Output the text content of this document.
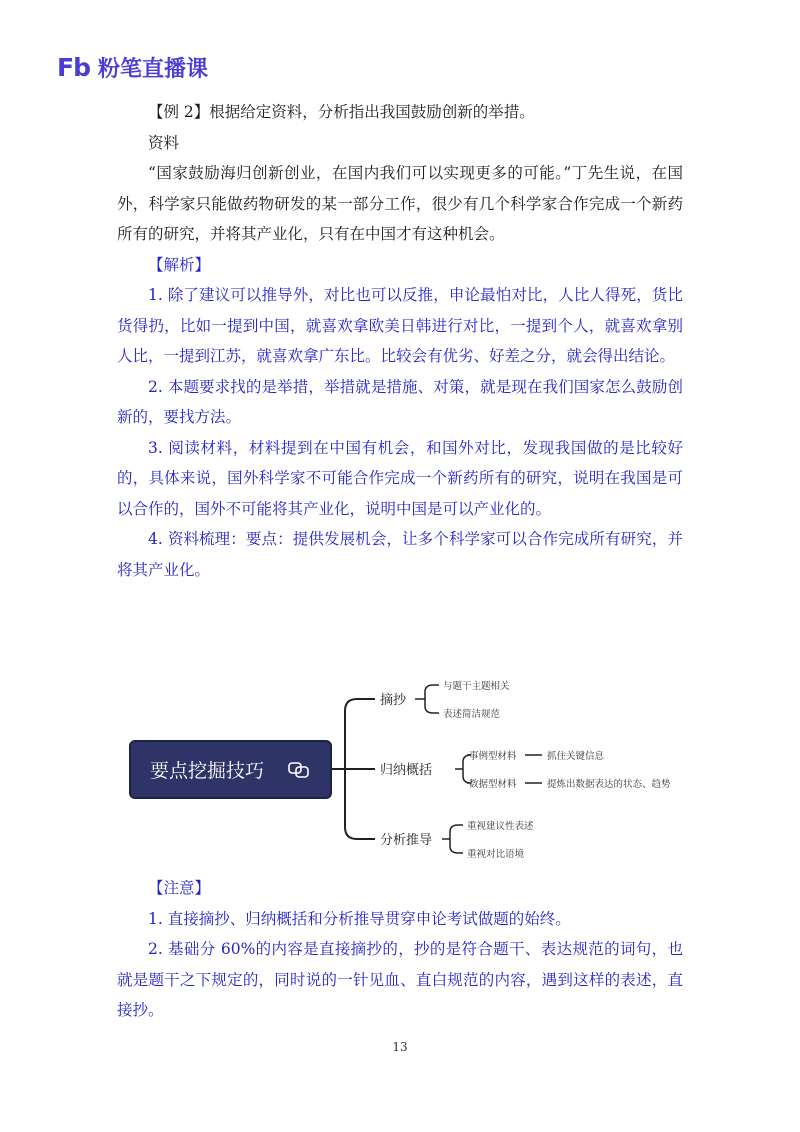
Fb 粉笔直播课

【例 2】根据给定资料，分析指出我国鼓励创新的举措。

资料

“国家鼓励海归创新创业，在国内我们可以实现更多的可能。”丁先生说，在国外，科学家只能做药物研发的某一部分工作，很少有几个科学家合作完成一个新药所有的研究，并将其产业化，只有在中国才有这种机会。

【解析】

1. 除了建议可以推导外，对比也可以反推，申论最怕对比，人比人得死，货比货得扔，比如一提到中国，就喜欢拿欧美日韩进行对比，一提到个人，就喜欢拿别人比，一提到江苏，就喜欢拿广东比。比较会有优劣、好差之分，就会得出结论。

2. 本题要求找的是举措，举措就是措施、对策，就是现在我们国家怎么鼓励创新的，要找方法。

3. 阅读材料，材料提到在中国有机会，和国外对比，发现我国做的是比较好的，具体来说，国外科学家不可能合作完成一个新药所有的研究，说明在我国是可以合作的，国外不可能将其产业化，说明中国是可以产业化的。

4. 资料梳理：要点：提供发展机会，让多个科学家可以合作完成所有研究，并将其产业化。

要点挖掘技巧
摘抄
归纳概括
分析推导
与题干主题相关
表述简洁规范
事例型材料
数据型材料
抓住关键信息
提炼出数据表达的状态、趋势
重视建议性表述
重视对比语境

【注意】

1. 直接摘抄、归纳概括和分析推导贯穿申论考试做题的始终。

2. 基础分 60%的内容是直接摘抄的，抄的是符合题干、表达规范的词句，也就是题干之下规定的，同时说的一针见血、直白规范的内容，遇到这样的表述，直接抄。

13
